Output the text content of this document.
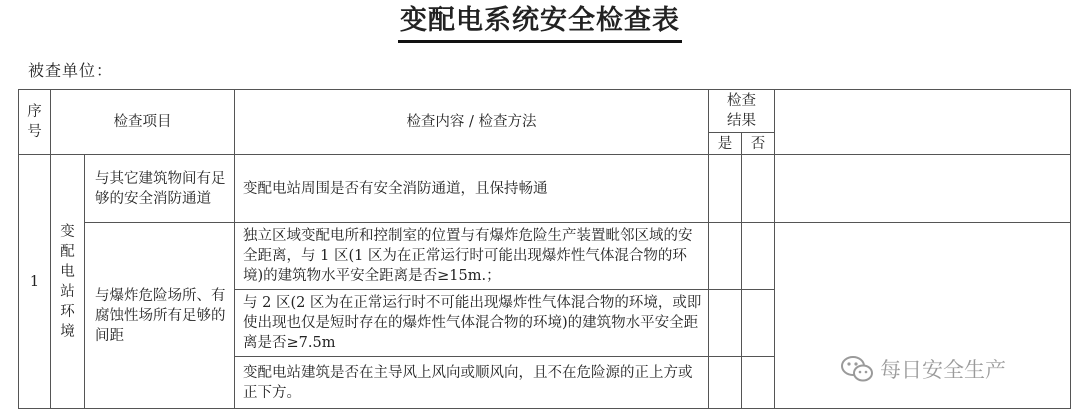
变配电系统安全检查表
被查单位：
序号	检查项目		检查内容 / 检查方法	检查结果		

				是	否	
1	变配电站环境	与其它建筑物间有足够的安全消防通道	变配电站周围是否有安全消防通道，且保持畅通			
		与爆炸危险场所、有腐蚀性场所有足够的间距	独立区域变配电所和控制室的位置与有爆炸危险生产装置毗邻区域的安全距离，与 1 区(1 区为在正常运行时可能出现爆炸性气体混合物的环境)的建筑物水平安全距离是否≥15m.；			
			与 2 区(2 区为在正常运行时不可能出现爆炸性气体混合物的环境，或即使出现也仅是短时存在的爆炸性气体混合物的环境)的建筑物水平安全距离是否≥7.5m			
			变配电站建筑是否在主导风上风向或顺风向，且不在危险源的正上方或正下方。			
每日安全生产
